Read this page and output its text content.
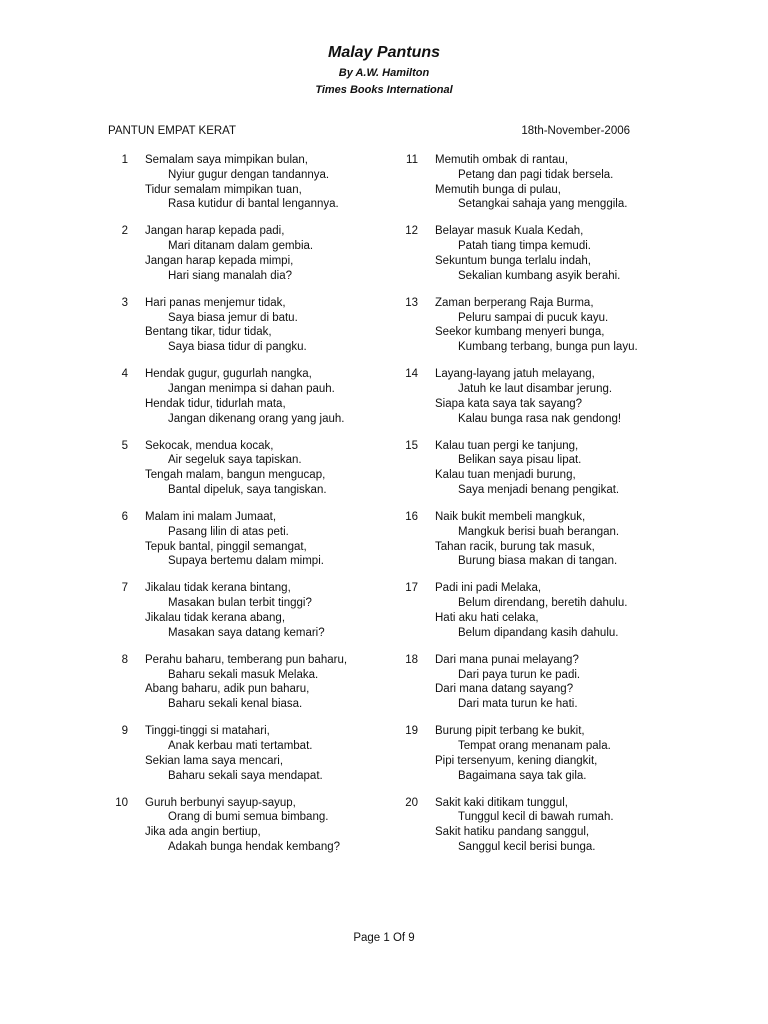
Malay Pantuns
By A.W. Hamilton
Times Books International
PANTUN EMPAT KERAT	18th-November-2006
1 Semalam saya mimpikan bulan,
Nyiur gugur dengan tandannya.
Tidur semalam mimpikan tuan,
Rasa kutidur di bantal lengannya.
2 Jangan harap kepada padi,
Mari ditanam dalam gembia.
Jangan harap kepada mimpi,
Hari siang manalah dia?
3 Hari panas menjemur tidak,
Saya biasa jemur di batu.
Bentang tikar, tidur tidak,
Saya biasa tidur di pangku.
4 Hendak gugur, gugurlah nangka,
Jangan menimpa si dahan pauh.
Hendak tidur, tidurlah mata,
Jangan dikenang orang yang jauh.
5 Sekocak, mendua kocak,
Air segeluk saya tapiskan.
Tengah malam, bangun mengucap,
Bantal dipeluk, saya tangiskan.
6 Malam ini malam Jumaat,
Pasang lilin di atas peti.
Tepuk bantal, pinggil semangat,
Supaya bertemu dalam mimpi.
7 Jikalau tidak kerana bintang,
Masakan bulan terbit tinggi?
Jikalau tidak kerana abang,
Masakan saya datang kemari?
8 Perahu baharu, temberang pun baharu,
Baharu sekali masuk Melaka.
Abang baharu, adik pun baharu,
Baharu sekali kenal biasa.
9 Tinggi-tinggi si matahari,
Anak kerbau mati tertambat.
Sekian lama saya mencari,
Baharu sekali saya mendapat.
10 Guruh berbunyi sayup-sayup,
Orang di bumi semua bimbang.
Jika ada angin bertiup,
Adakah bunga hendak kembang?
11 Memutih ombak di rantau,
Petang dan pagi tidak bersela.
Memutih bunga di pulau,
Setangkai sahaja yang menggila.
12 Belayar masuk Kuala Kedah,
Patah tiang timpa kemudi.
Sekuntum bunga terlalu indah,
Sekalian kumbang asyik berahi.
13 Zaman berperang Raja Burma,
Peluru sampai di pucuk kayu.
Seekor kumbang menyeri bunga,
Kumbang terbang, bunga pun layu.
14 Layang-layang jatuh melayang,
Jatuh ke laut disambar jerung.
Siapa kata saya tak sayang?
Kalau bunga rasa nak gendong!
15 Kalau tuan pergi ke tanjung,
Belikan saya pisau lipat.
Kalau tuan menjadi burung,
Saya menjadi benang pengikat.
16 Naik bukit membeli mangkuk,
Mangkuk berisi buah berangan.
Tahan racik, burung tak masuk,
Burung biasa makan di tangan.
17 Padi ini padi Melaka,
Belum direndang, beretih dahulu.
Hati aku hati celaka,
Belum dipandang kasih dahulu.
18 Dari mana punai melayang?
Dari paya turun ke padi.
Dari mana datang sayang?
Dari mata turun ke hati.
19 Burung pipit terbang ke bukit,
Tempat orang menanam pala.
Pipi tersenyum, kening diangkit,
Bagaimana saya tak gila.
20 Sakit kaki ditikam tunggul,
Tunggul kecil di bawah rumah.
Sakit hatiku pandang sanggul,
Sanggul kecil berisi bunga.
Page 1 Of 9
